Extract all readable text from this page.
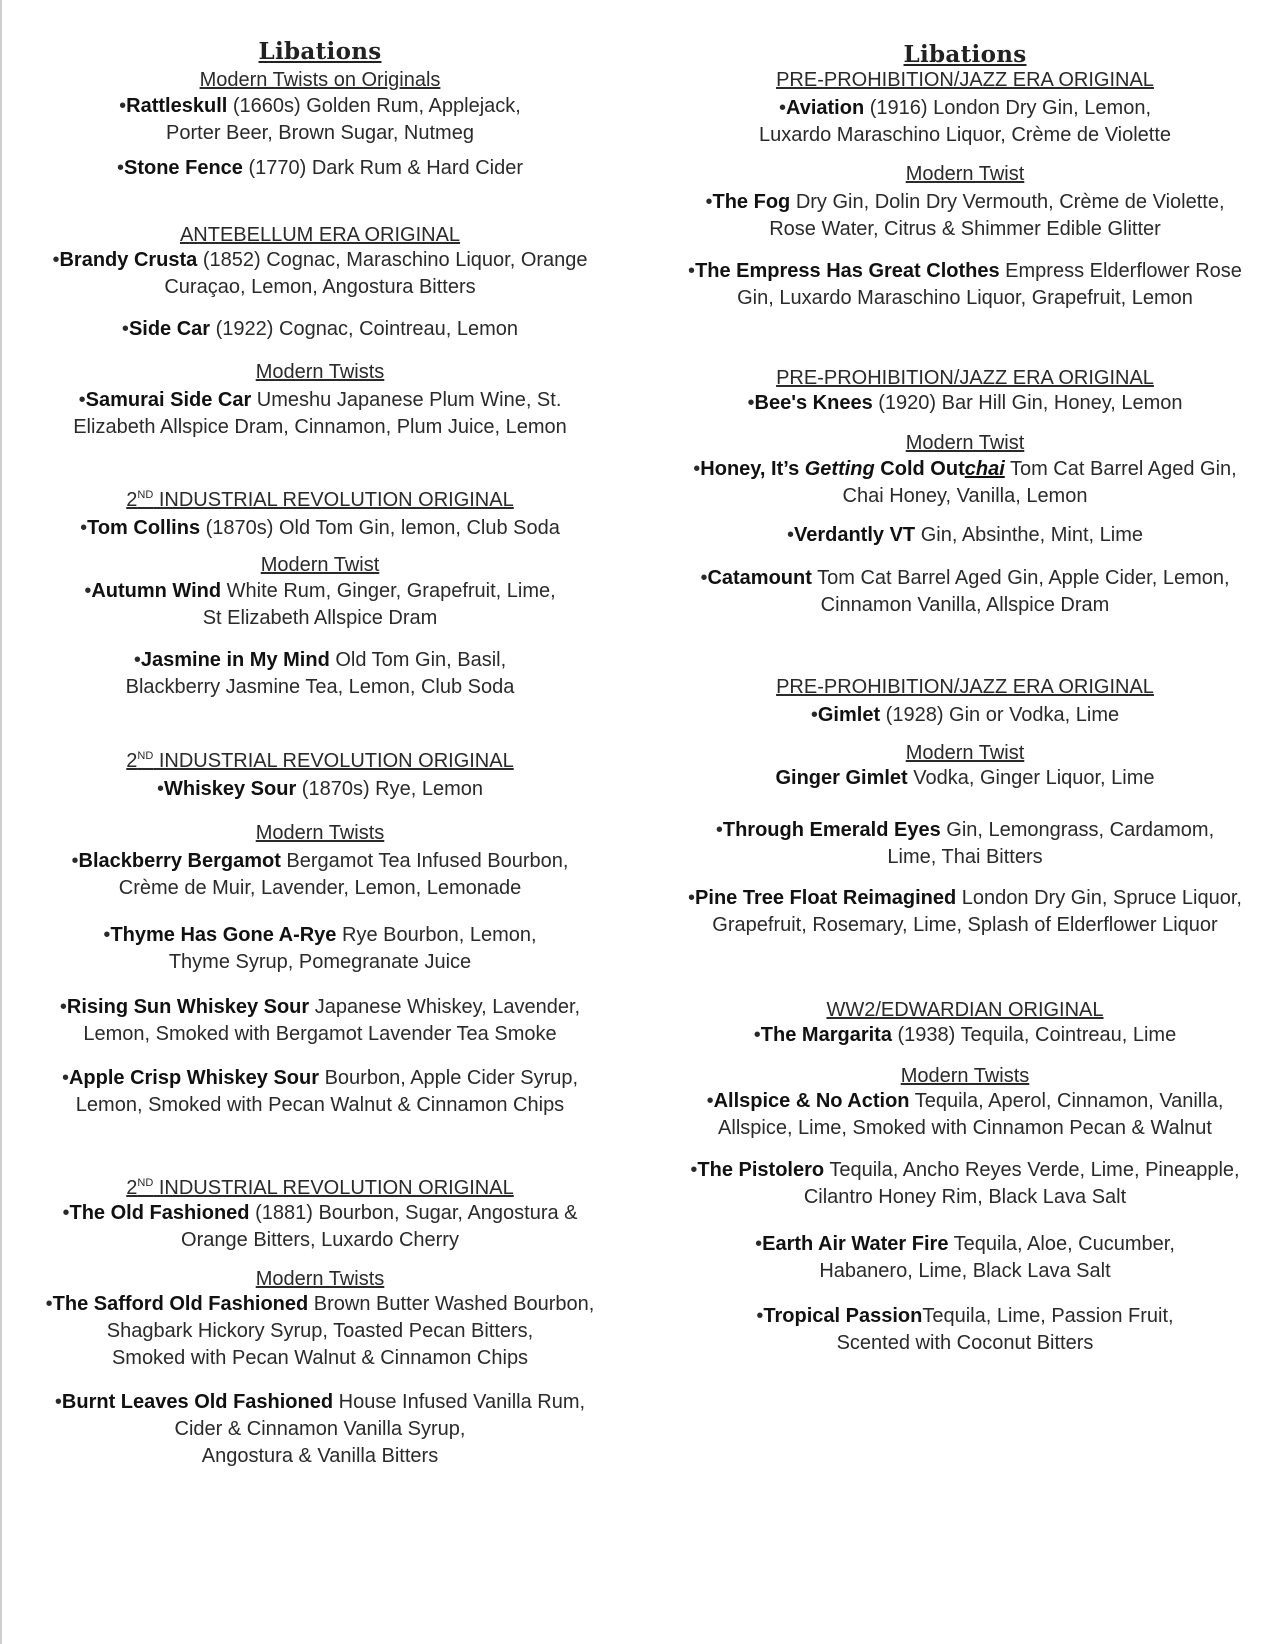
Libations
Modern Twists on Originals
•Rattleskull (1660s) Golden Rum, Applejack,
Porter Beer, Brown Sugar, Nutmeg
•Stone Fence (1770) Dark Rum & Hard Cider
ANTEBELLUM ERA ORIGINAL
•Brandy Crusta (1852) Cognac, Maraschino Liquor, Orange
Curaçao, Lemon, Angostura Bitters
•Side Car (1922) Cognac, Cointreau, Lemon
Modern Twists
•Samurai Side Car Umeshu Japanese Plum Wine, St.
Elizabeth Allspice Dram, Cinnamon, Plum Juice, Lemon
2ND INDUSTRIAL REVOLUTION ORIGINAL
•Tom Collins (1870s) Old Tom Gin, lemon, Club Soda
Modern Twist
•Autumn Wind White Rum, Ginger, Grapefruit, Lime,
St Elizabeth Allspice Dram
•Jasmine in My Mind Old Tom Gin, Basil,
Blackberry Jasmine Tea, Lemon, Club Soda
2ND INDUSTRIAL REVOLUTION ORIGINAL
•Whiskey Sour (1870s) Rye, Lemon
Modern Twists
•Blackberry Bergamot Bergamot Tea Infused Bourbon,
Crème de Muir, Lavender, Lemon, Lemonade
•Thyme Has Gone A-Rye Rye Bourbon, Lemon,
Thyme Syrup, Pomegranate Juice
•Rising Sun Whiskey Sour Japanese Whiskey, Lavender,
Lemon, Smoked with Bergamot Lavender Tea Smoke
•Apple Crisp Whiskey Sour Bourbon, Apple Cider Syrup,
Lemon, Smoked with Pecan Walnut & Cinnamon Chips
2ND INDUSTRIAL REVOLUTION ORIGINAL
•The Old Fashioned (1881) Bourbon, Sugar, Angostura &
Orange Bitters, Luxardo Cherry
Modern Twists
•The Safford Old Fashioned Brown Butter Washed Bourbon,
Shagbark Hickory Syrup, Toasted Pecan Bitters,
Smoked with Pecan Walnut & Cinnamon Chips
•Burnt Leaves Old Fashioned House Infused Vanilla Rum,
Cider & Cinnamon Vanilla Syrup,
Angostura & Vanilla Bitters
Libations
PRE-PROHIBITION/JAZZ ERA ORIGINAL
•Aviation (1916) London Dry Gin, Lemon,
Luxardo Maraschino Liquor, Crème de Violette
Modern Twist
•The Fog Dry Gin, Dolin Dry Vermouth, Crème de Violette,
Rose Water, Citrus & Shimmer Edible Glitter
•The Empress Has Great Clothes Empress Elderflower Rose
Gin, Luxardo Maraschino Liquor, Grapefruit, Lemon
PRE-PROHIBITION/JAZZ ERA ORIGINAL
•Bee's Knees (1920) Bar Hill Gin, Honey, Lemon
Modern Twist
•Honey, It’s Getting Cold Outchai Tom Cat Barrel Aged Gin,
Chai Honey, Vanilla, Lemon
•Verdantly VT Gin, Absinthe, Mint, Lime
•Catamount Tom Cat Barrel Aged Gin, Apple Cider, Lemon,
Cinnamon Vanilla, Allspice Dram
PRE-PROHIBITION/JAZZ ERA ORIGINAL
•Gimlet (1928) Gin or Vodka, Lime
Modern Twist
Ginger Gimlet Vodka, Ginger Liquor, Lime
•Through Emerald Eyes Gin, Lemongrass, Cardamom,
Lime, Thai Bitters
•Pine Tree Float Reimagined London Dry Gin, Spruce Liquor,
Grapefruit, Rosemary, Lime, Splash of Elderflower Liquor
WW2/EDWARDIAN ORIGINAL
•The Margarita (1938) Tequila, Cointreau, Lime
Modern Twists
•Allspice & No Action Tequila, Aperol, Cinnamon, Vanilla,
Allspice, Lime, Smoked with Cinnamon Pecan & Walnut
•The Pistolero Tequila, Ancho Reyes Verde, Lime, Pineapple,
Cilantro Honey Rim, Black Lava Salt
•Earth Air Water Fire Tequila, Aloe, Cucumber,
Habanero, Lime, Black Lava Salt
•Tropical PassionTequila, Lime, Passion Fruit,
Scented with Coconut Bitters
